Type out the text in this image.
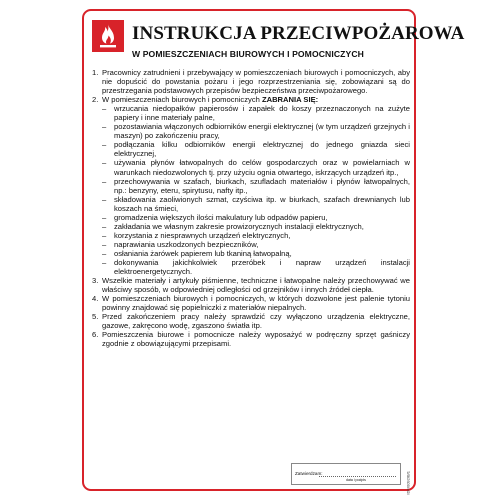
INSTRUKCJA PRZECIWPOŻAROWA
W POMIESZCZENIACH BIUROWYCH I POMOCNICZYCH
1. Pracownicy zatrudnieni i przebywający w pomieszczeniach biurowych i pomocniczych, aby nie dopuścić do powstania pożaru i jego rozprzestrzeniania się, zobowiązani są do przestrzegania podstawowych przepisów bezpieczeństwa przeciwpożarowego.
2. W pomieszczeniach biurowych i pomocniczych ZABRANIA SIĘ:
–	wrzucania niedopałków papierosów i zapałek do koszy przeznaczonych na zużyte papiery i inne materiały palne,
–	pozostawiania włączonych odbiorników energii elektrycznej (w tym urządzeń grzejnych i maszyn) po zakończeniu pracy,
–	podłączania kilku odbiorników energii elektrycznej do jednego gniazda sieci elektrycznej,
–	używania płynów łatwopalnych do celów gospodarczych oraz w powielarniach w warunkach niedozwolonych tj. przy użyciu ognia otwartego, iskrzących urządzeń itp.,
–	przechowywania w szafach, biurkach, szufladach materiałów i płynów łatwopalnych, np.: benzyny, eteru, spirytusu, nafty itp.,
–	składowania zaoliwionych szmat, czyściwa itp. w biurkach, szafach drewnianych lub koszach na śmieci,
–	gromadzenia większych ilości makulatury lub odpadów papieru,
–	zakładania we własnym zakresie prowizorycznych instalacji elektrycznych,
–	korzystania z niesprawnych urządzeń elektrycznych,
–	naprawiania uszkodzonych bezpieczników,
–	osłaniania żarówek papierem lub tkaniną łatwopalną,
–	dokonywania jakichkolwiek przeróbek i napraw urządzeń instalacji elektroenergetycznych.
3. Wszelkie materiały i artykuły piśmienne, techniczne i łatwopalne należy przechowywać we właściwy sposób, w odpowiedniej odległości od grzejników i innych źródeł ciepła.
4. W pomieszczeniach biurowych i pomocniczych, w których dozwolone jest palenie tytoniu powinny znajdować się popielniczki z materiałów niepalnych.
5. Przed zakończeniem pracy należy sprawdzić czy wyłączono urządzenia elektryczne, gazowe, zakręcono wodę, zgaszono światła itp.
6. Pomieszczenia biurowe i pomocnicze należy wyposażyć w podręczny sprzęt gaśniczy zgodnie z obowiązującymi przepisami.
Zatwierdzam:
data i podpis	IDF/0092/B/1
